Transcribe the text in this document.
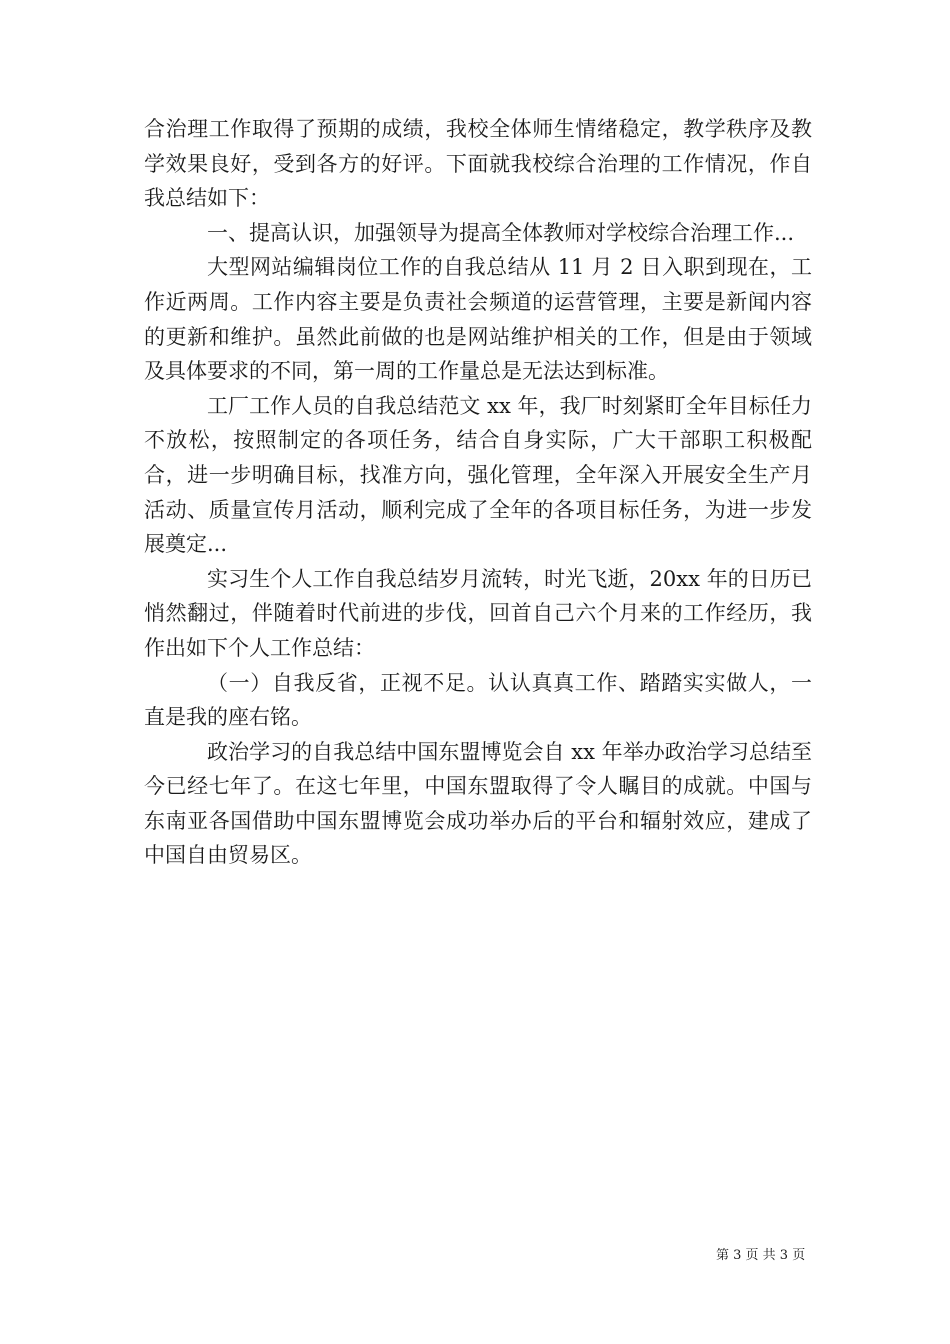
合治理工作取得了预期的成绩，我校全体师生情绪稳定，教学秩序及教学效果良好，受到各方的好评。下面就我校综合治理的工作情况，作自我总结如下：

一、提高认识，加强领导为提高全体教师对学校综合治理工作...

大型网站编辑岗位工作的自我总结从 11 月 2 日入职到现在，工作近两周。工作内容主要是负责社会频道的运营管理，主要是新闻内容的更新和维护。虽然此前做的也是网站维护相关的工作，但是由于领域及具体要求的不同，第一周的工作量总是无法达到标准。

工厂工作人员的自我总结范文 xx 年，我厂时刻紧盯全年目标任力不放松，按照制定的各项任务，结合自身实际，广大干部职工积极配合，进一步明确目标，找准方向，强化管理，全年深入开展安全生产月活动、质量宣传月活动，顺利完成了全年的各项目标任务，为进一步发展奠定...

实习生个人工作自我总结岁月流转，时光飞逝，20xx 年的日历已悄然翻过，伴随着时代前进的步伐，回首自己六个月来的工作经历，我作出如下个人工作总结：

（一）自我反省，正视不足。认认真真工作、踏踏实实做人，一直是我的座右铭。

政治学习的自我总结中国东盟博览会自 xx 年举办政治学习总结至今已经七年了。在这七年里，中国东盟取得了令人瞩目的成就。中国与东南亚各国借助中国东盟博览会成功举办后的平台和辐射效应，建成了中国自由贸易区。

第 3 页 共 3 页
